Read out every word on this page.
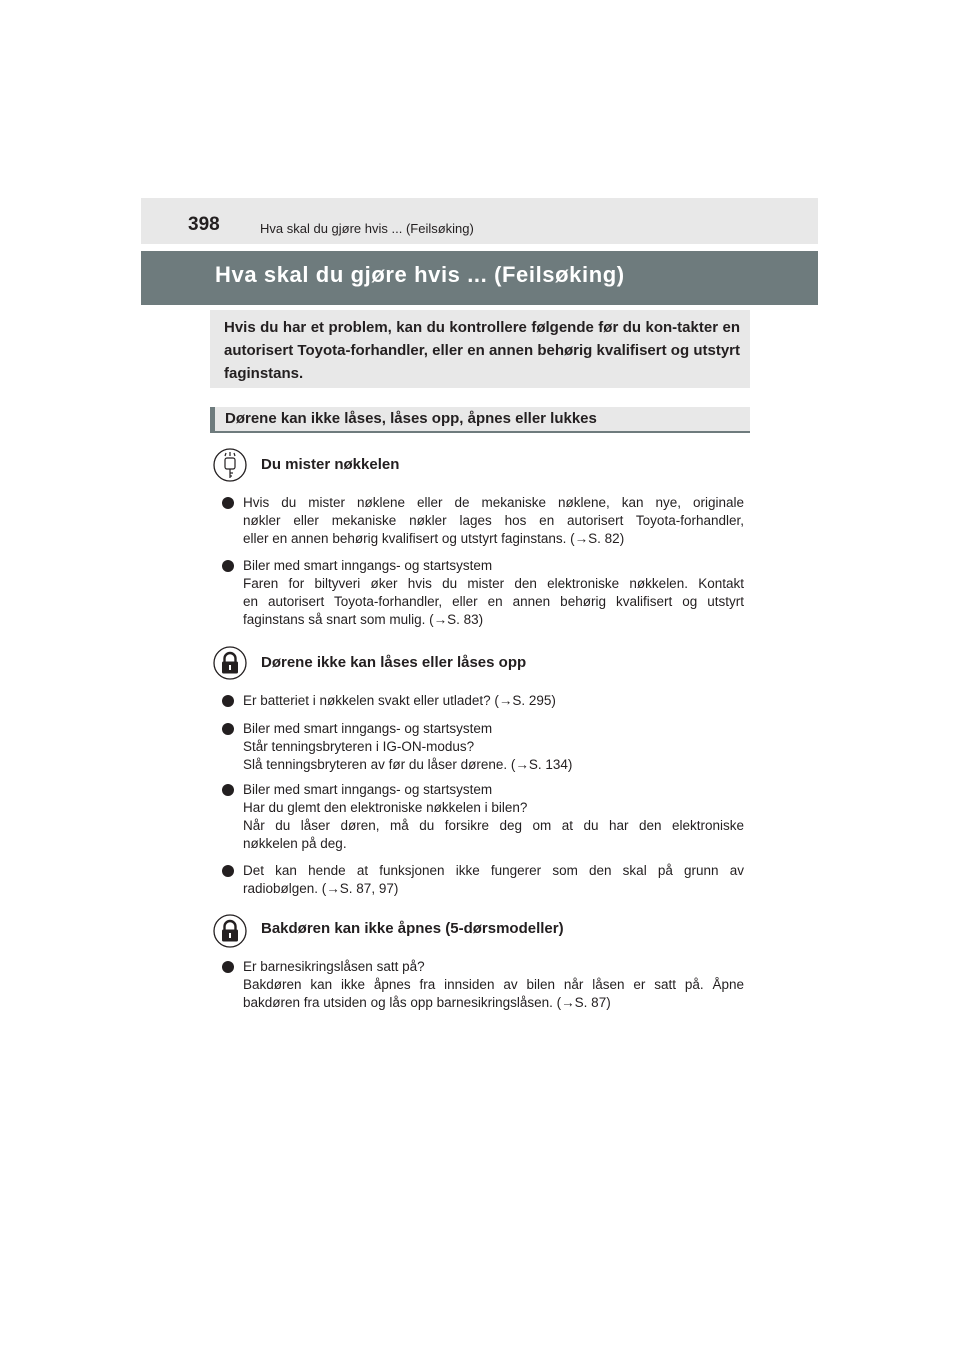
398	Hva skal du gjøre hvis ... (Feilsøking)
Hva skal du gjøre hvis ... (Feilsøking)
Hvis du har et problem, kan du kontrollere følgende før du kon-takter en autorisert Toyota-forhandler, eller en annen behørig kvalifisert og utstyrt faginstans.
Dørene kan ikke låses, låses opp, åpnes eller lukkes
Du mister nøkkelen
Hvis du mister nøklene eller de mekaniske nøklene, kan nye, originale
nøkler eller mekaniske nøkler lages hos en autorisert Toyota-forhandler,
eller en annen behørig kvalifisert og utstyrt faginstans. (→S. 82)
Biler med smart inngangs- og startsystem
Faren for biltyveri øker hvis du mister den elektroniske nøkkelen. Kontakt
en autorisert Toyota-forhandler, eller en annen behørig kvalifisert og utstyrt
faginstans så snart som mulig. (→S. 83)
Dørene ikke kan låses eller låses opp
Er batteriet i nøkkelen svakt eller utladet? (→S. 295)
Biler med smart inngangs- og startsystem
Står tenningsbryteren i IG-ON-modus?
Slå tenningsbryteren av før du låser dørene. (→S. 134)
Biler med smart inngangs- og startsystem
Har du glemt den elektroniske nøkkelen i bilen?
Når du låser døren, må du forsikre deg om at du har den elektroniske
nøkkelen på deg.
Det kan hende at funksjonen ikke fungerer som den skal på grunn av
radiobølgen. (→S. 87, 97)
Bakdøren kan ikke åpnes (5-dørsmodeller)
Er barnesikringslåsen satt på?
Bakdøren kan ikke åpnes fra innsiden av bilen når låsen er satt på. Åpne
bakdøren fra utsiden og lås opp barnesikringslåsen. (→S. 87)
